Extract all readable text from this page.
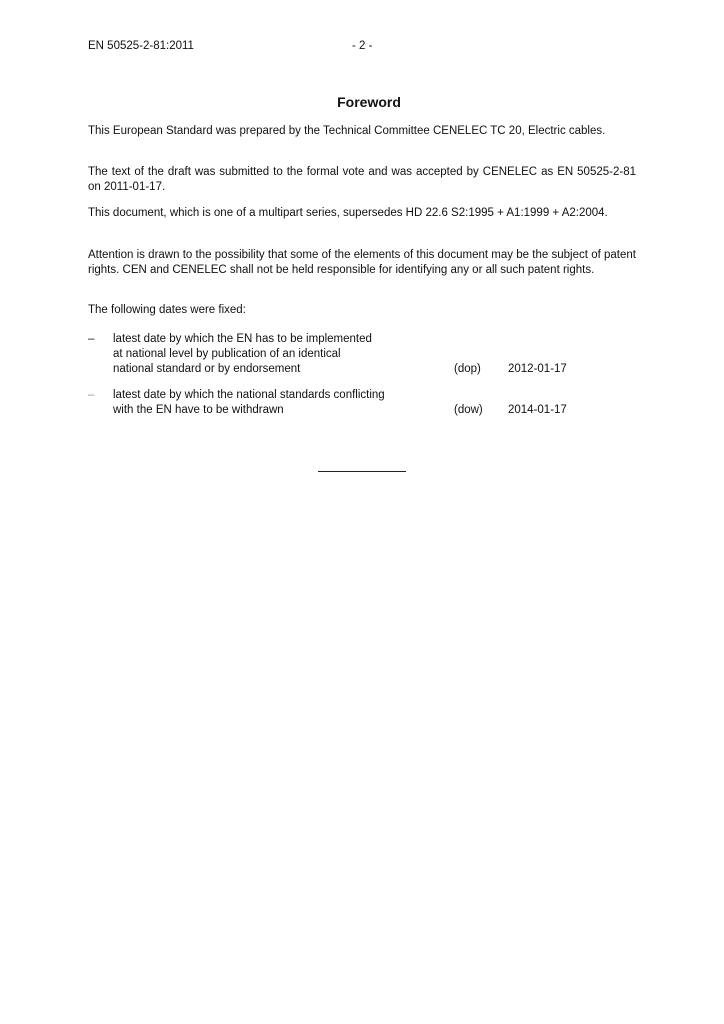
EN 50525-2-81:2011	- 2 -
Foreword

This European Standard was prepared by the Technical Committee CENELEC TC 20, Electric cables.

The text of the draft was submitted to the formal vote and was accepted by CENELEC as EN 50525-2-81 on 2011-01-17.

This document, which is one of a multipart series, supersedes HD 22.6 S2:1995 + A1:1999 + A2:2004.

Attention is drawn to the possibility that some of the elements of this document may be the subject of patent rights. CEN and CENELEC shall not be held responsible for identifying any or all such patent rights.

The following dates were fixed:

–	latest date by which the EN has to be implemented
at national level by publication of an identical
national standard or by endorsement	(dop)	2012-01-17
–	latest date by which the national standards conflicting
with the EN have to be withdrawn	(dow)	2014-01-17
